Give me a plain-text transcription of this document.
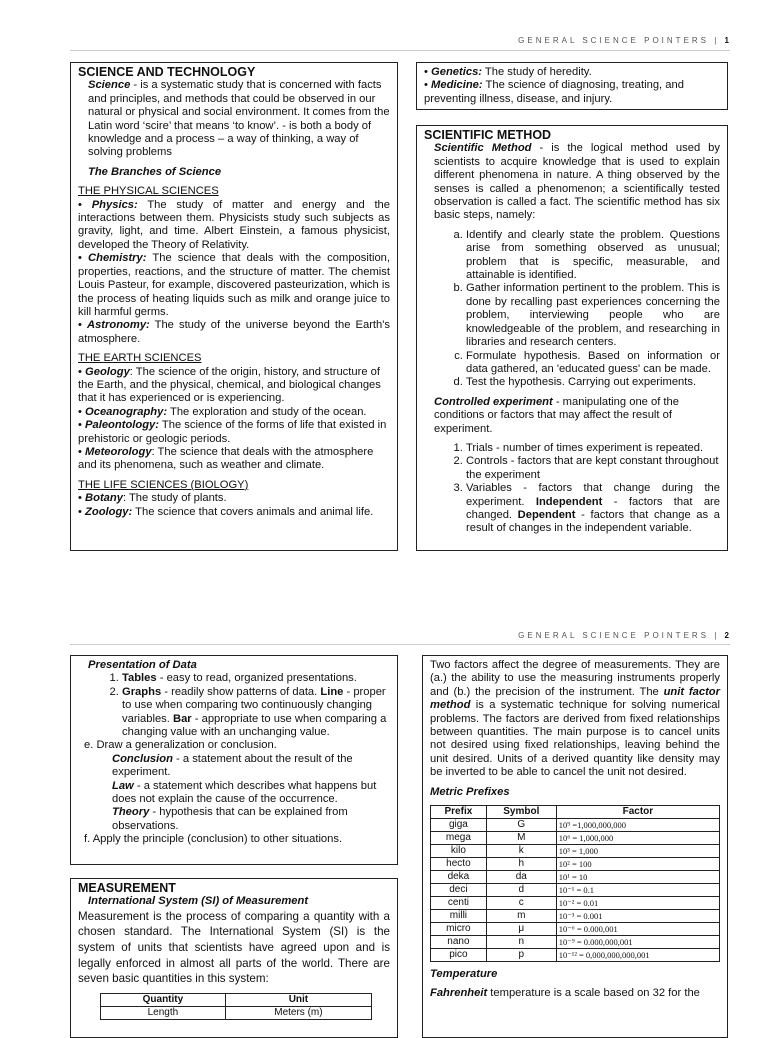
GENERAL SCIENCE POINTERS | 1

SCIENCE AND TECHNOLOGY

Science - is a systematic study that is concerned with facts and principles, and methods that could be observed in our natural or physical and social environment. It comes from the Latin word ‘scire’ that means ‘to know’. - is both a body of knowledge and a process – a way of thinking, a way of solving problems

The Branches of Science

THE PHYSICAL SCIENCES

• Physics: The study of matter and energy and the interactions between them. Physicists study such subjects as gravity, light, and time. Albert Einstein, a famous physicist, developed the Theory of Relativity.

• Chemistry: The science that deals with the composition, properties, reactions, and the structure of matter. The chemist Louis Pasteur, for example, discovered pasteurization, which is the process of heating liquids such as milk and orange juice to kill harmful germs.

• Astronomy: The study of the universe beyond the Earth's atmosphere.

THE EARTH SCIENCES

• Geology: The science of the origin, history, and structure of the Earth, and the physical, chemical, and biological changes that it has experienced or is experiencing.

• Oceanography: The exploration and study of the ocean.

• Paleontology: The science of the forms of life that existed in prehistoric or geologic periods.

• Meteorology: The science that deals with the atmosphere and its phenomena, such as weather and climate.

THE LIFE SCIENCES (BIOLOGY)

• Botany: The study of plants.

• Zoology: The science that covers animals and animal life.

• Genetics: The study of heredity.

• Medicine: The science of diagnosing, treating, and preventing illness, disease, and injury.

SCIENTIFIC METHOD

Scientific Method - is the logical method used by scientists to acquire knowledge that is used to explain different phenomena in nature. A thing observed by the senses is called a phenomenon; a scientifically tested observation is called a fact. The scientific method has six basic steps, namely:

a. Identify and clearly state the problem. Questions arise from something observed as unusual; problem that is specific, measurable, and attainable is identified.
b. Gather information pertinent to the problem. This is done by recalling past experiences concerning the problem, interviewing people who are knowledgeable of the problem, and researching in libraries and research centers.
c. Formulate hypothesis. Based on information or data gathered, an 'educated guess' can be made.
d. Test the hypothesis. Carrying out experiments.

Controlled experiment - manipulating one of the conditions or factors that may affect the result of experiment.

1. Trials - number of times experiment is repeated.
2. Controls - factors that are kept constant throughout the experiment
3. Variables - factors that change during the experiment. Independent - factors that are changed. Dependent - factors that change as a result of changes in the independent variable.
GENERAL SCIENCE POINTERS | 2

Presentation of Data

1. Tables - easy to read, organized presentations.
2. Graphs - readily show patterns of data. Line - proper to use when comparing two continuously changing variables. Bar - appropriate to use when comparing a changing value with an unchanging value.

e. Draw a generalization or conclusion.

Conclusion - a statement about the result of the experiment.

Law - a statement which describes what happens but does not explain the cause of the occurrence.

Theory - hypothesis that can be explained from observations.

f. Apply the principle (conclusion) to other situations.

MEASUREMENT

International System (SI) of Measurement

Measurement is the process of comparing a quantity with a chosen standard. The International System (SI) is the system of units that scientists have agreed upon and is legally enforced in almost all parts of the world. There are seven basic quantities in this system:

Quantity	Unit
Length	Meters (m)

Two factors affect the degree of measurements. They are (a.) the ability to use the measuring instruments properly and (b.) the precision of the instrument. The unit factor method is a systematic technique for solving numerical problems. The factors are derived from fixed relationships between quantities. The main purpose is to cancel units not desired using fixed relationships, leaving behind the unit desired. Units of a derived quantity like density may be inverted to be able to cancel the unit not desired.

Metric Prefixes

Prefix	Symbol	Factor
giga	G	10⁹ =1,000,000,000
mega	M	10⁶ = 1,000,000
kilo	k	10³ = 1,000
hecto	h	10² = 100
deka	da	10¹ = 10
deci	d	10⁻¹ = 0.1
centi	c	10⁻² = 0.01
milli	m	10⁻³ = 0.001
micro	μ	10⁻⁶ = 0.000,001
nano	n	10⁻⁹ = 0.000,000,001
pico	p	10⁻¹² = 0,000,000,000,001

Temperature

Fahrenheit temperature is a scale based on 32 for the
